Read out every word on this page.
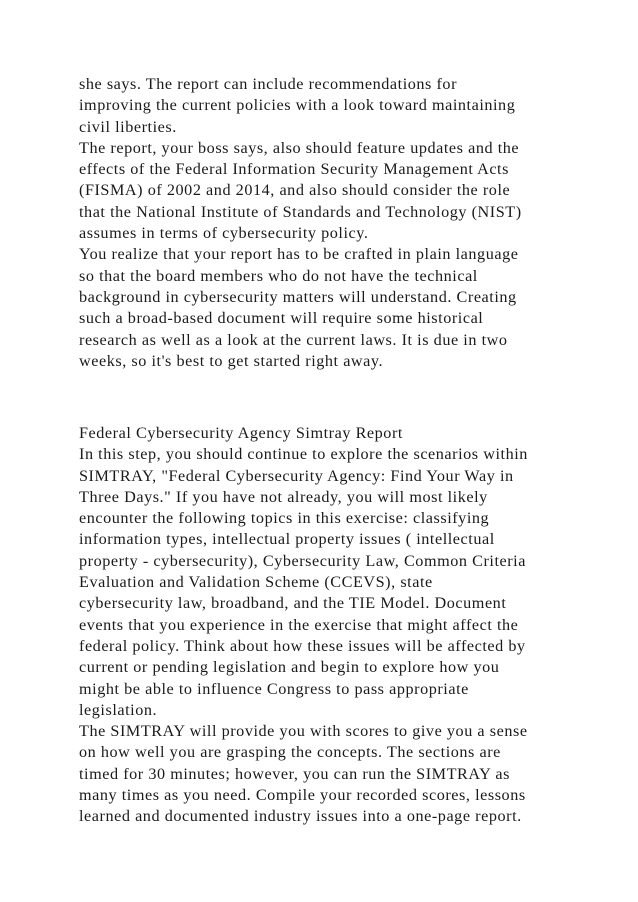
she says. The report can include recommendations for
improving the current policies with a look toward maintaining
civil liberties.
The report, your boss says, also should feature updates and the
effects of the Federal Information Security Management Acts
(FISMA) of 2002 and 2014, and also should consider the role
that the National Institute of Standards and Technology (NIST)
assumes in terms of cybersecurity policy.
You realize that your report has to be crafted in plain language
so that the board members who do not have the technical
background in cybersecurity matters will understand. Creating
such a broad-based document will require some historical
research as well as a look at the current laws. It is due in two
weeks, so it's best to get started right away.
Federal Cybersecurity Agency Simtray Report
In this step, you should continue to explore the scenarios within
SIMTRAY, "Federal Cybersecurity Agency: Find Your Way in
Three Days." If you have not already, you will most likely
encounter the following topics in this exercise: classifying
information types, intellectual property issues ( intellectual
property - cybersecurity), Cybersecurity Law, Common Criteria
Evaluation and Validation Scheme (CCEVS), state
cybersecurity law, broadband, and the TIE Model. Document
events that you experience in the exercise that might affect the
federal policy. Think about how these issues will be affected by
current or pending legislation and begin to explore how you
might be able to influence Congress to pass appropriate
legislation.
The SIMTRAY will provide you with scores to give you a sense
on how well you are grasping the concepts. The sections are
timed for 30 minutes; however, you can run the SIMTRAY as
many times as you need. Compile your recorded scores, lessons
learned and documented industry issues into a one-page report.
